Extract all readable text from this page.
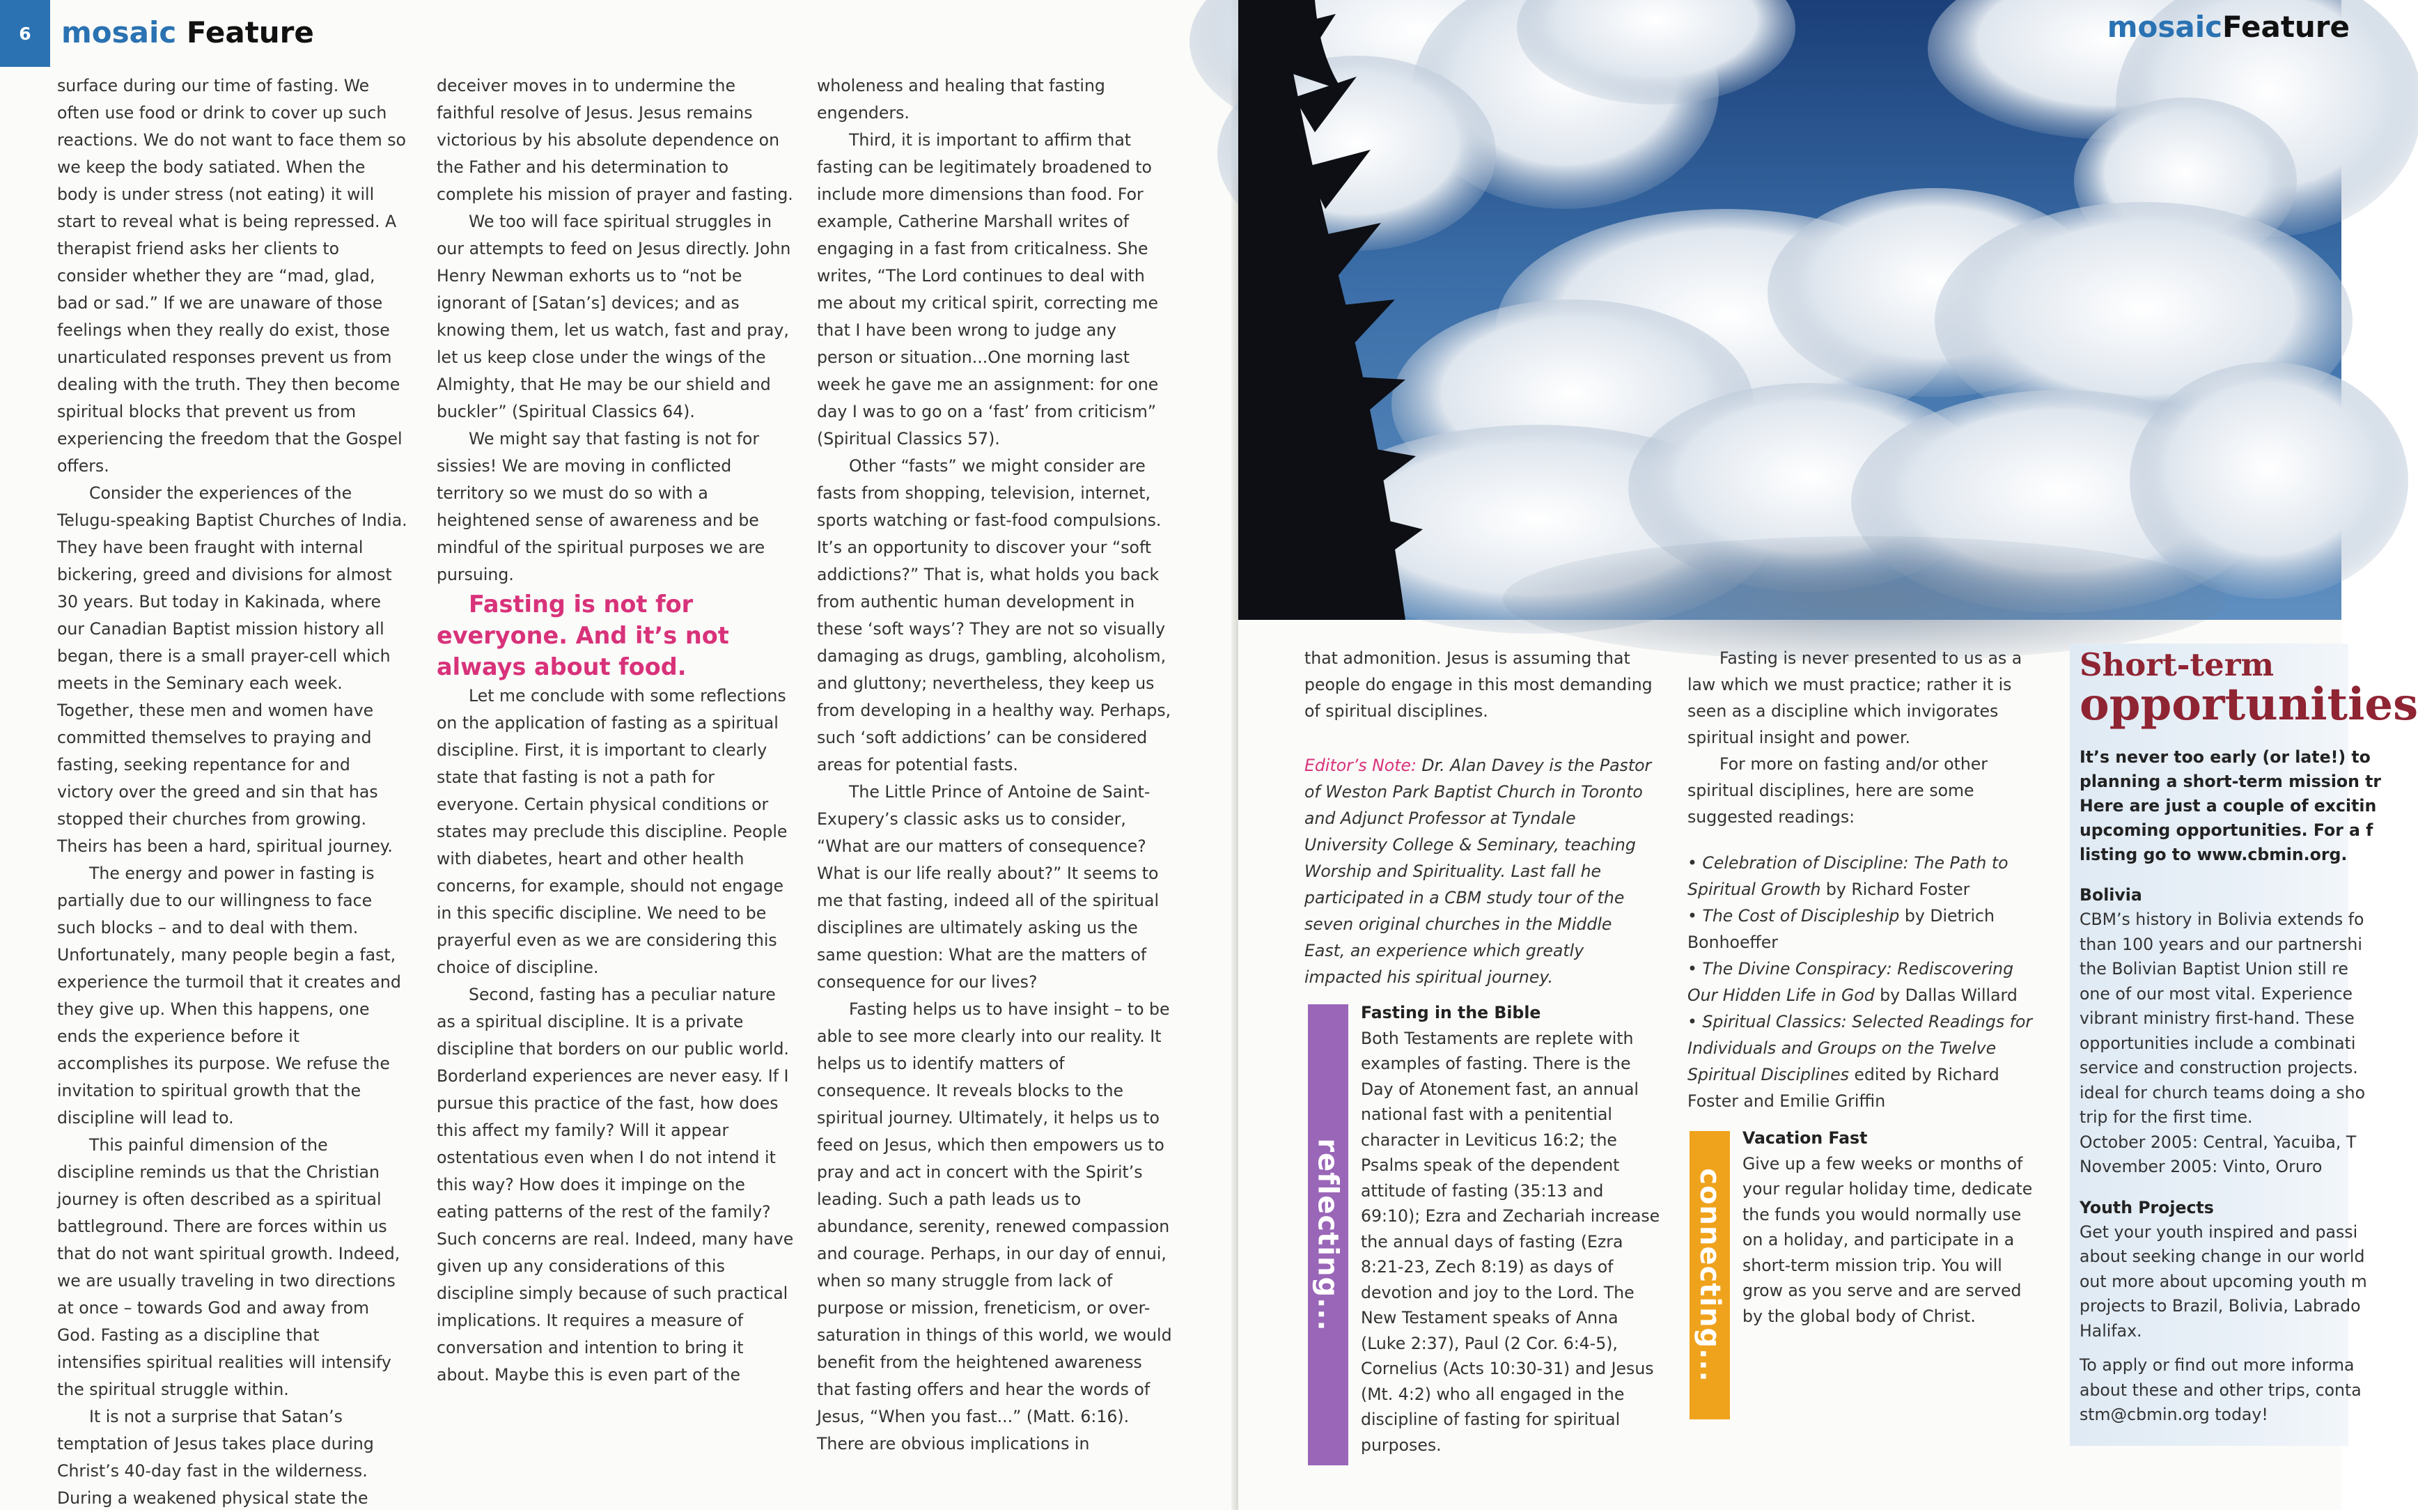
6	mosaic Feature

surface during our time of fasting. We often use food or drink to cover up such reactions. We do not want to face them so we keep the body satiated. When the body is under stress (not eating) it will start to reveal what is being repressed. A therapist friend asks her clients to consider whether they are “mad, glad, bad or sad.” If we are unaware of those feelings when they really do exist, those unarticulated responses prevent us from dealing with the truth. They then become spiritual blocks that prevent us from experiencing the freedom that the Gospel offers.

Consider the experiences of the Telugu-speaking Baptist Churches of India. They have been fraught with internal bickering, greed and divisions for almost 30 years. But today in Kakinada, where our Canadian Baptist mission history all began, there is a small prayer-cell which meets in the Seminary each week. Together, these men and women have committed themselves to praying and fasting, seeking repentance for and victory over the greed and sin that has stopped their churches from growing. Theirs has been a hard, spiritual journey.

The energy and power in fasting is partially due to our willingness to face such blocks – and to deal with them. Unfortunately, many people begin a fast, experience the turmoil that it creates and they give up. When this happens, one ends the experience before it accomplishes its purpose. We refuse the invitation to spiritual growth that the discipline will lead to.

This painful dimension of the discipline reminds us that the Christian journey is often described as a spiritual battleground. There are forces within us that do not want spiritual growth. Indeed, we are usually traveling in two directions at once – towards God and away from God. Fasting as a discipline that intensifies spiritual realities will intensify the spiritual struggle within.

It is not a surprise that Satan’s temptation of Jesus takes place during Christ’s 40-day fast in the wilderness. During a weakened physical state the

deceiver moves in to undermine the faithful resolve of Jesus. Jesus remains victorious by his absolute dependence on the Father and his determination to complete his mission of prayer and fasting.

We too will face spiritual struggles in our attempts to feed on Jesus directly. John Henry Newman exhorts us to “not be ignorant of [Satan’s] devices; and as knowing them, let us watch, fast and pray, let us keep close under the wings of the Almighty, that He may be our shield and buckler” (Spiritual Classics 64).

We might say that fasting is not for sissies! We are moving in conflicted territory so we must do so with a heightened sense of awareness and be mindful of the spiritual purposes we are pursuing.

Fasting is not for everyone. And it’s not always about food.

Let me conclude with some reflections on the application of fasting as a spiritual discipline. First, it is important to clearly state that fasting is not a path for everyone. Certain physical conditions or states may preclude this discipline. People with diabetes, heart and other health concerns, for example, should not engage in this specific discipline. We need to be prayerful even as we are considering this choice of discipline.

Second, fasting has a peculiar nature as a spiritual discipline. It is a private discipline that borders on our public world. Borderland experiences are never easy. If I pursue this practice of the fast, how does this affect my family? Will it appear ostentatious even when I do not intend it this way? How does it impinge on the eating patterns of the rest of the family? Such concerns are real. Indeed, many have given up any considerations of this discipline simply because of such practical implications. It requires a measure of conversation and intention to bring it about. Maybe this is even part of the

wholeness and healing that fasting engenders.

Third, it is important to affirm that fasting can be legitimately broadened to include more dimensions than food. For example, Catherine Marshall writes of engaging in a fast from criticalness. She writes, “The Lord continues to deal with me about my critical spirit, correcting me that I have been wrong to judge any person or situation...One morning last week he gave me an assignment: for one day I was to go on a ‘fast’ from criticism” (Spiritual Classics 57).

Other “fasts” we might consider are fasts from shopping, television, internet, sports watching or fast-food compulsions. It’s an opportunity to discover your “soft addictions?” That is, what holds you back from authentic human development in these ‘soft ways’? They are not so visually damaging as drugs, gambling, alcoholism, and gluttony; nevertheless, they keep us from developing in a healthy way. Perhaps, such ‘soft addictions’ can be considered areas for potential fasts.

The Little Prince of Antoine de Saint-Exupery’s classic asks us to consider, “What are our matters of consequence? What is our life really about?” It seems to me that fasting, indeed all of the spiritual disciplines are ultimately asking us the same question: What are the matters of consequence for our lives?

Fasting helps us to have insight – to be able to see more clearly into our reality. It helps us to identify matters of consequence. It reveals blocks to the spiritual journey. Ultimately, it helps us to feed on Jesus, which then empowers us to pray and act in concert with the Spirit’s leading. Such a path leads us to abundance, serenity, renewed compassion and courage. Perhaps, in our day of ennui, when so many struggle from lack of purpose or mission, freneticism, or over-saturation in things of this world, we would benefit from the heightened awareness that fasting offers and hear the words of Jesus, “When you fast...” (Matt. 6:16). There are obvious implications in

mosaicFeature

that admonition. Jesus is assuming that people do engage in this most demanding of spiritual disciplines.

Editor’s Note: Dr. Alan Davey is the Pastor of Weston Park Baptist Church in Toronto and Adjunct Professor at Tyndale University College & Seminary, teaching Worship and Spirituality. Last fall he participated in a CBM study tour of the seven original churches in the Middle East, an experience which greatly impacted his spiritual journey.

reflecting...
Fasting in the Bible
Both Testaments are replete with examples of fasting. There is the Day of Atonement fast, an annual national fast with a penitential character in Leviticus 16:2; the Psalms speak of the dependent attitude of fasting (35:13 and 69:10); Ezra and Zechariah increase the annual days of fasting (Ezra 8:21-23, Zech 8:19) as days of devotion and joy to the Lord. The New Testament speaks of Anna (Luke 2:37), Paul (2 Cor. 6:4-5), Cornelius (Acts 10:30-31) and Jesus (Mt. 4:2) who all engaged in the discipline of fasting for spiritual purposes.

Fasting is never presented to us as a law which we must practice; rather it is seen as a discipline which invigorates spiritual insight and power.

For more on fasting and/or other spiritual disciplines, here are some suggested readings:

• Celebration of Discipline: The Path to Spiritual Growth by Richard Foster
• The Cost of Discipleship by Dietrich Bonhoeffer
• The Divine Conspiracy: Rediscovering Our Hidden Life in God by Dallas Willard
• Spiritual Classics: Selected Readings for Individuals and Groups on the Twelve Spiritual Disciplines edited by Richard Foster and Emilie Griffin

connecting...
Vacation Fast
Give up a few weeks or months of your regular holiday time, dedicate the funds you would normally use on a holiday, and participate in a short-term mission trip. You will grow as you serve and are served by the global body of Christ.
Short-term
opportunities
It’s never too early (or late!) to
planning a short-term mission tr
Here are just a couple of excitin
upcoming opportunities. For a f
listing go to www.cbmin.org.
Bolivia
CBM’s history in Bolivia extends fo
than 100 years and our partnershi
the Bolivian Baptist Union still re
one of our most vital. Experience
vibrant ministry first-hand. These
opportunities include a combinati
service and construction projects.
ideal for church teams doing a sho
trip for the first time.
October 2005: Central, Yacuiba, T
November 2005: Vinto, Oruro
Youth Projects
Get your youth inspired and passi
about seeking change in our world
out more about upcoming youth m
projects to Brazil, Bolivia, Labrado
Halifax.
To apply or find out more informa
about these and other trips, conta
stm@cbmin.org today!
